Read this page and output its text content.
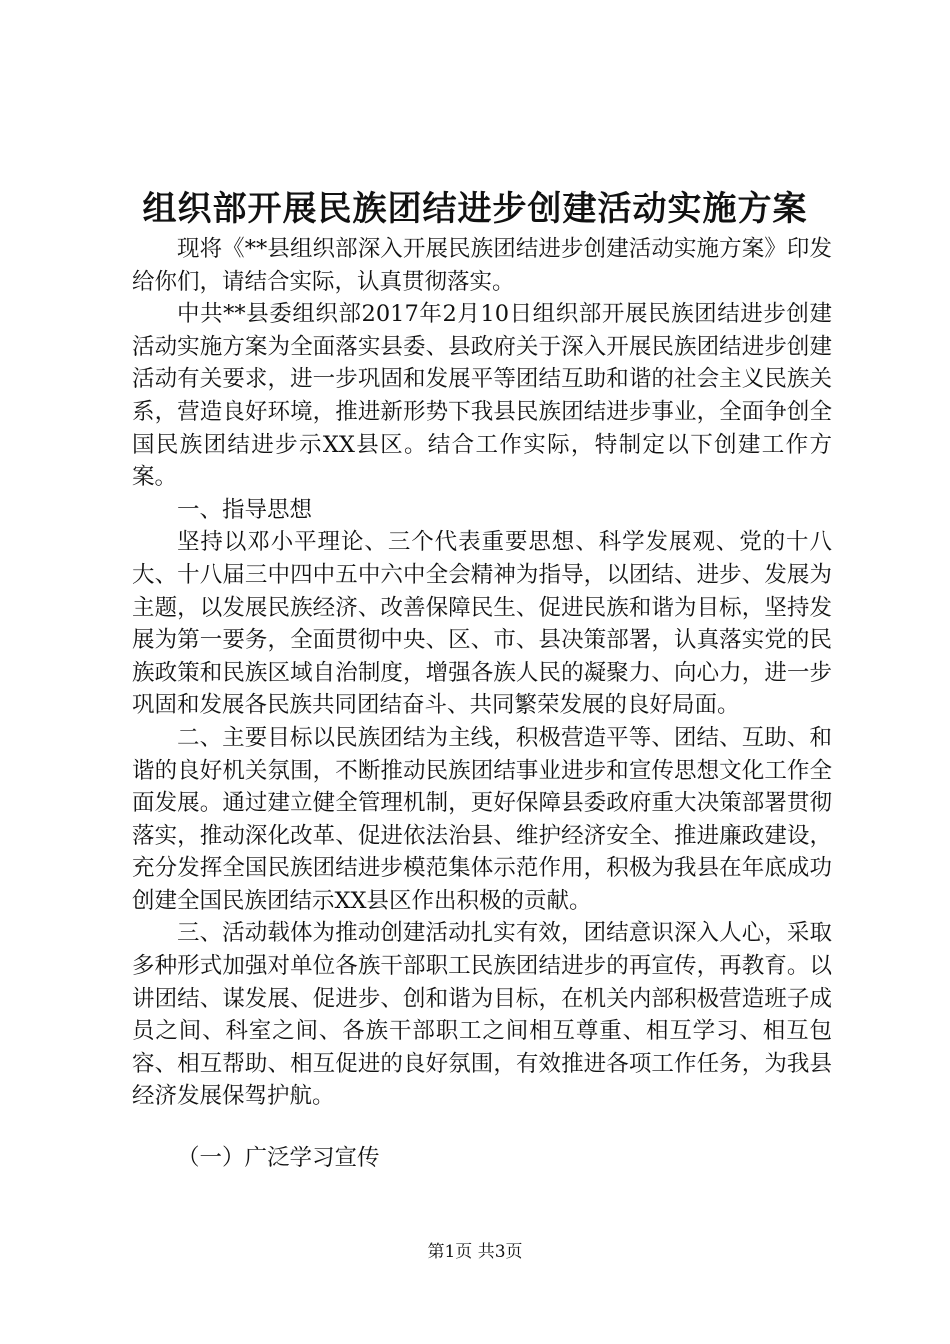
组织部开展民族团结进步创建活动实施方案

现将《**县组织部深入开展民族团结进步创建活动实施方案》印发给你们，请结合实际，认真贯彻落实。

中共**县委组织部2017年2月10日组织部开展民族团结进步创建活动实施方案为全面落实县委、县政府关于深入开展民族团结进步创建活动有关要求，进一步巩固和发展平等团结互助和谐的社会主义民族关系，营造良好环境，推进新形势下我县民族团结进步事业，全面争创全国民族团结进步示XX县区。结合工作实际，特制定以下创建工作方案。

一、指导思想

坚持以邓小平理论、三个代表重要思想、科学发展观、党的十八大、十八届三中四中五中六中全会精神为指导，以团结、进步、发展为主题，以发展民族经济、改善保障民生、促进民族和谐为目标，坚持发展为第一要务，全面贯彻中央、区、市、县决策部署，认真落实党的民族政策和民族区域自治制度，增强各族人民的凝聚力、向心力，进一步巩固和发展各民族共同团结奋斗、共同繁荣发展的良好局面。

二、主要目标以民族团结为主线，积极营造平等、团结、互助、和谐的良好机关氛围，不断推动民族团结事业进步和宣传思想文化工作全面发展。通过建立健全管理机制，更好保障县委政府重大决策部署贯彻落实，推动深化改革、促进依法治县、维护经济安全、推进廉政建设，充分发挥全国民族团结进步模范集体示范作用，积极为我县在年底成功创建全国民族团结示XX县区作出积极的贡献。

三、活动载体为推动创建活动扎实有效，团结意识深入人心，采取多种形式加强对单位各族干部职工民族团结进步的再宣传，再教育。以讲团结、谋发展、促进步、创和谐为目标，在机关内部积极营造班子成员之间、科室之间、各族干部职工之间相互尊重、相互学习、相互包容、相互帮助、相互促进的良好氛围，有效推进各项工作任务，为我县经济发展保驾护航。

（一）广泛学习宣传

第1页 共3页
